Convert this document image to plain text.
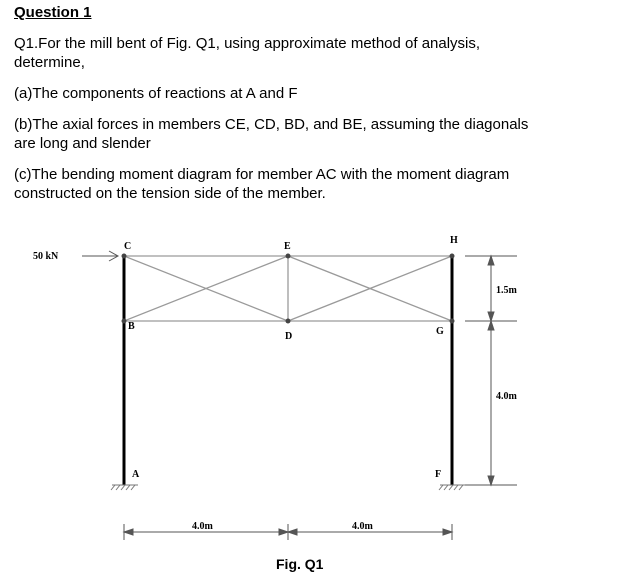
Question 1
Q1.For the mill bent of Fig. Q1, using approximate method of analysis,
determine,
(a)The components of reactions at A and F
(b)The axial forces in members CE, CD, BD, and BE, assuming the diagonals
are long and slender
(c)The bending moment diagram for member AC with the moment diagram
constructed on the tension side of the member.
50 kN
C	E
H
B
D	G
A	F
1.5m
4.0m
4.0m	4.0m
Fig. Q1
